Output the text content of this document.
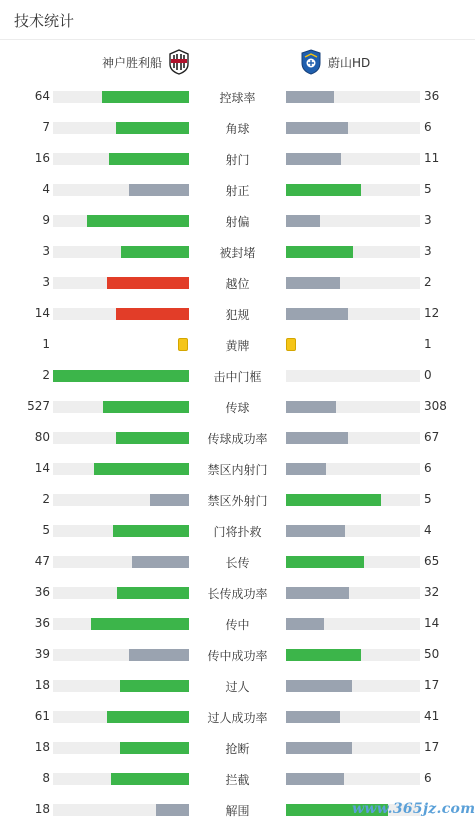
技术统计
神户胜利船	蔚山HD
64	控球率	36
7	角球	6
16	射门	11
4	射正	5
9	射偏	3
3	被封堵	3
3	越位	2
14	犯规	12
1	黄牌	1
2	击中门框	0
527	传球	308
80	传球成功率	67
14	禁区内射门	6
2	禁区外射门	5
5	门将扑救	4
47	长传	65
36	长传成功率	32
36	传中	14
39	传中成功率	50
18	过人	17
61	过人成功率	41
18	抢断	17
8	拦截	6
18	解围	www.365jz.com
